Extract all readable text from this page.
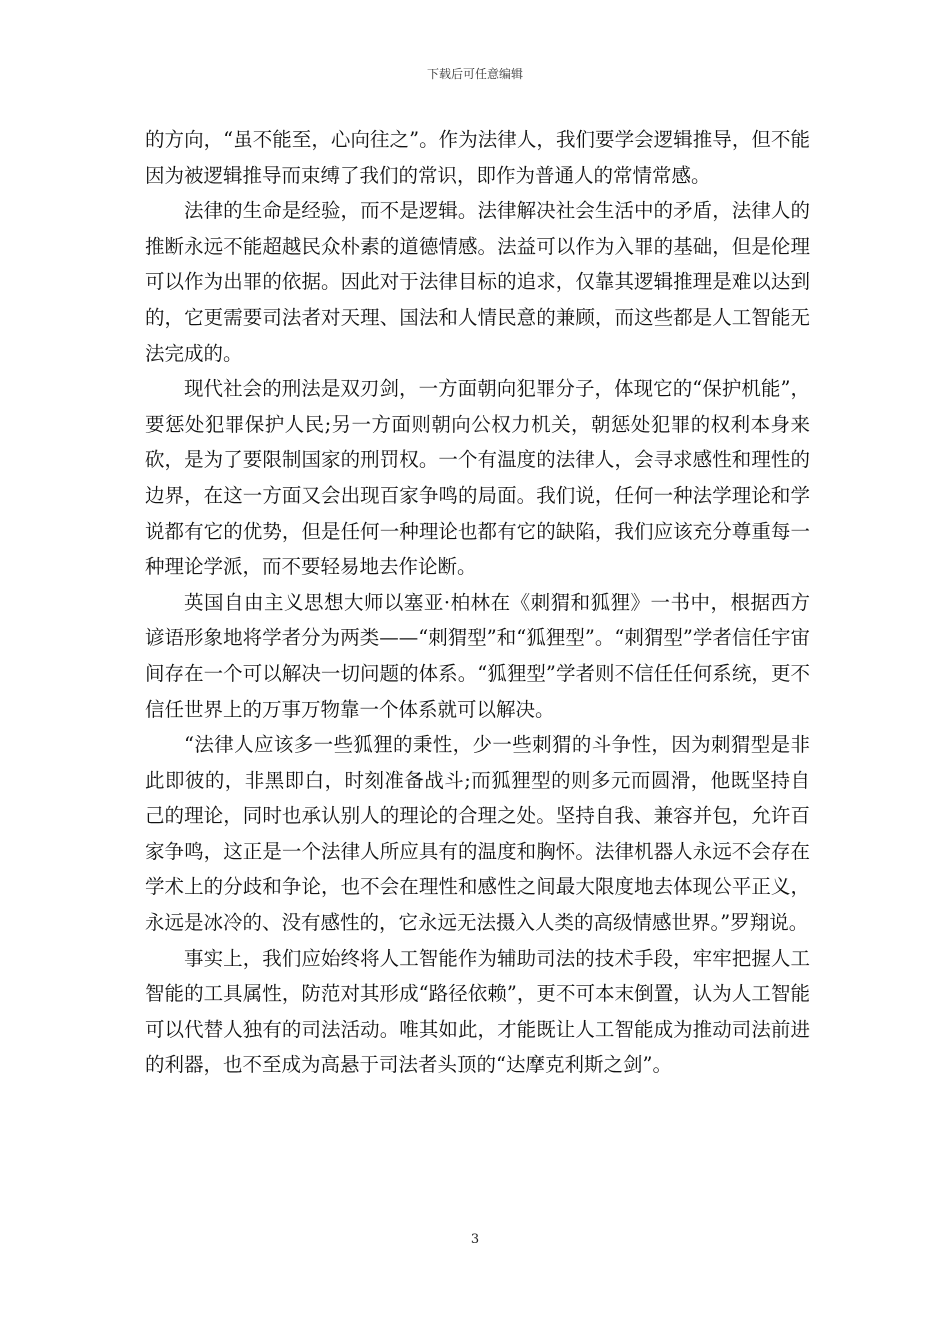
下载后可任意编辑

的方向，“虽不能至，心向往之”。作为法律人，我们要学会逻辑推导，但不能因为被逻辑推导而束缚了我们的常识，即作为普通人的常情常感。

法律的生命是经验，而不是逻辑。法律解决社会生活中的矛盾，法律人的推断永远不能超越民众朴素的道德情感。法益可以作为入罪的基础，但是伦理可以作为出罪的依据。因此对于法律目标的追求，仅靠其逻辑推理是难以达到的，它更需要司法者对天理、国法和人情民意的兼顾，而这些都是人工智能无法完成的。

现代社会的刑法是双刃剑，一方面朝向犯罪分子，体现它的“保护机能”，要惩处犯罪保护人民;另一方面则朝向公权力机关，朝惩处犯罪的权利本身来砍，是为了要限制国家的刑罚权。一个有温度的法律人，会寻求感性和理性的边界，在这一方面又会出现百家争鸣的局面。我们说，任何一种法学理论和学说都有它的优势，但是任何一种理论也都有它的缺陷，我们应该充分尊重每一种理论学派，而不要轻易地去作论断。

英国自由主义思想大师以塞亚·柏林在《刺猬和狐狸》一书中，根据西方谚语形象地将学者分为两类——“刺猬型”和“狐狸型”。“刺猬型”学者信任宇宙间存在一个可以解决一切问题的体系。“狐狸型”学者则不信任任何系统，更不信任世界上的万事万物靠一个体系就可以解决。

“法律人应该多一些狐狸的秉性，少一些刺猬的斗争性，因为刺猬型是非此即彼的，非黑即白，时刻准备战斗;而狐狸型的则多元而圆滑，他既坚持自己的理论，同时也承认别人的理论的合理之处。坚持自我、兼容并包，允许百家争鸣，这正是一个法律人所应具有的温度和胸怀。法律机器人永远不会存在学术上的分歧和争论，也不会在理性和感性之间最大限度地去体现公平正义，永远是冰冷的、没有感性的，它永远无法摄入人类的高级情感世界。”罗翔说。

事实上，我们应始终将人工智能作为辅助司法的技术手段，牢牢把握人工智能的工具属性，防范对其形成“路径依赖”，更不可本末倒置，认为人工智能可以代替人独有的司法活动。唯其如此，才能既让人工智能成为推动司法前进的利器，也不至成为高悬于司法者头顶的“达摩克利斯之剑”。

3
